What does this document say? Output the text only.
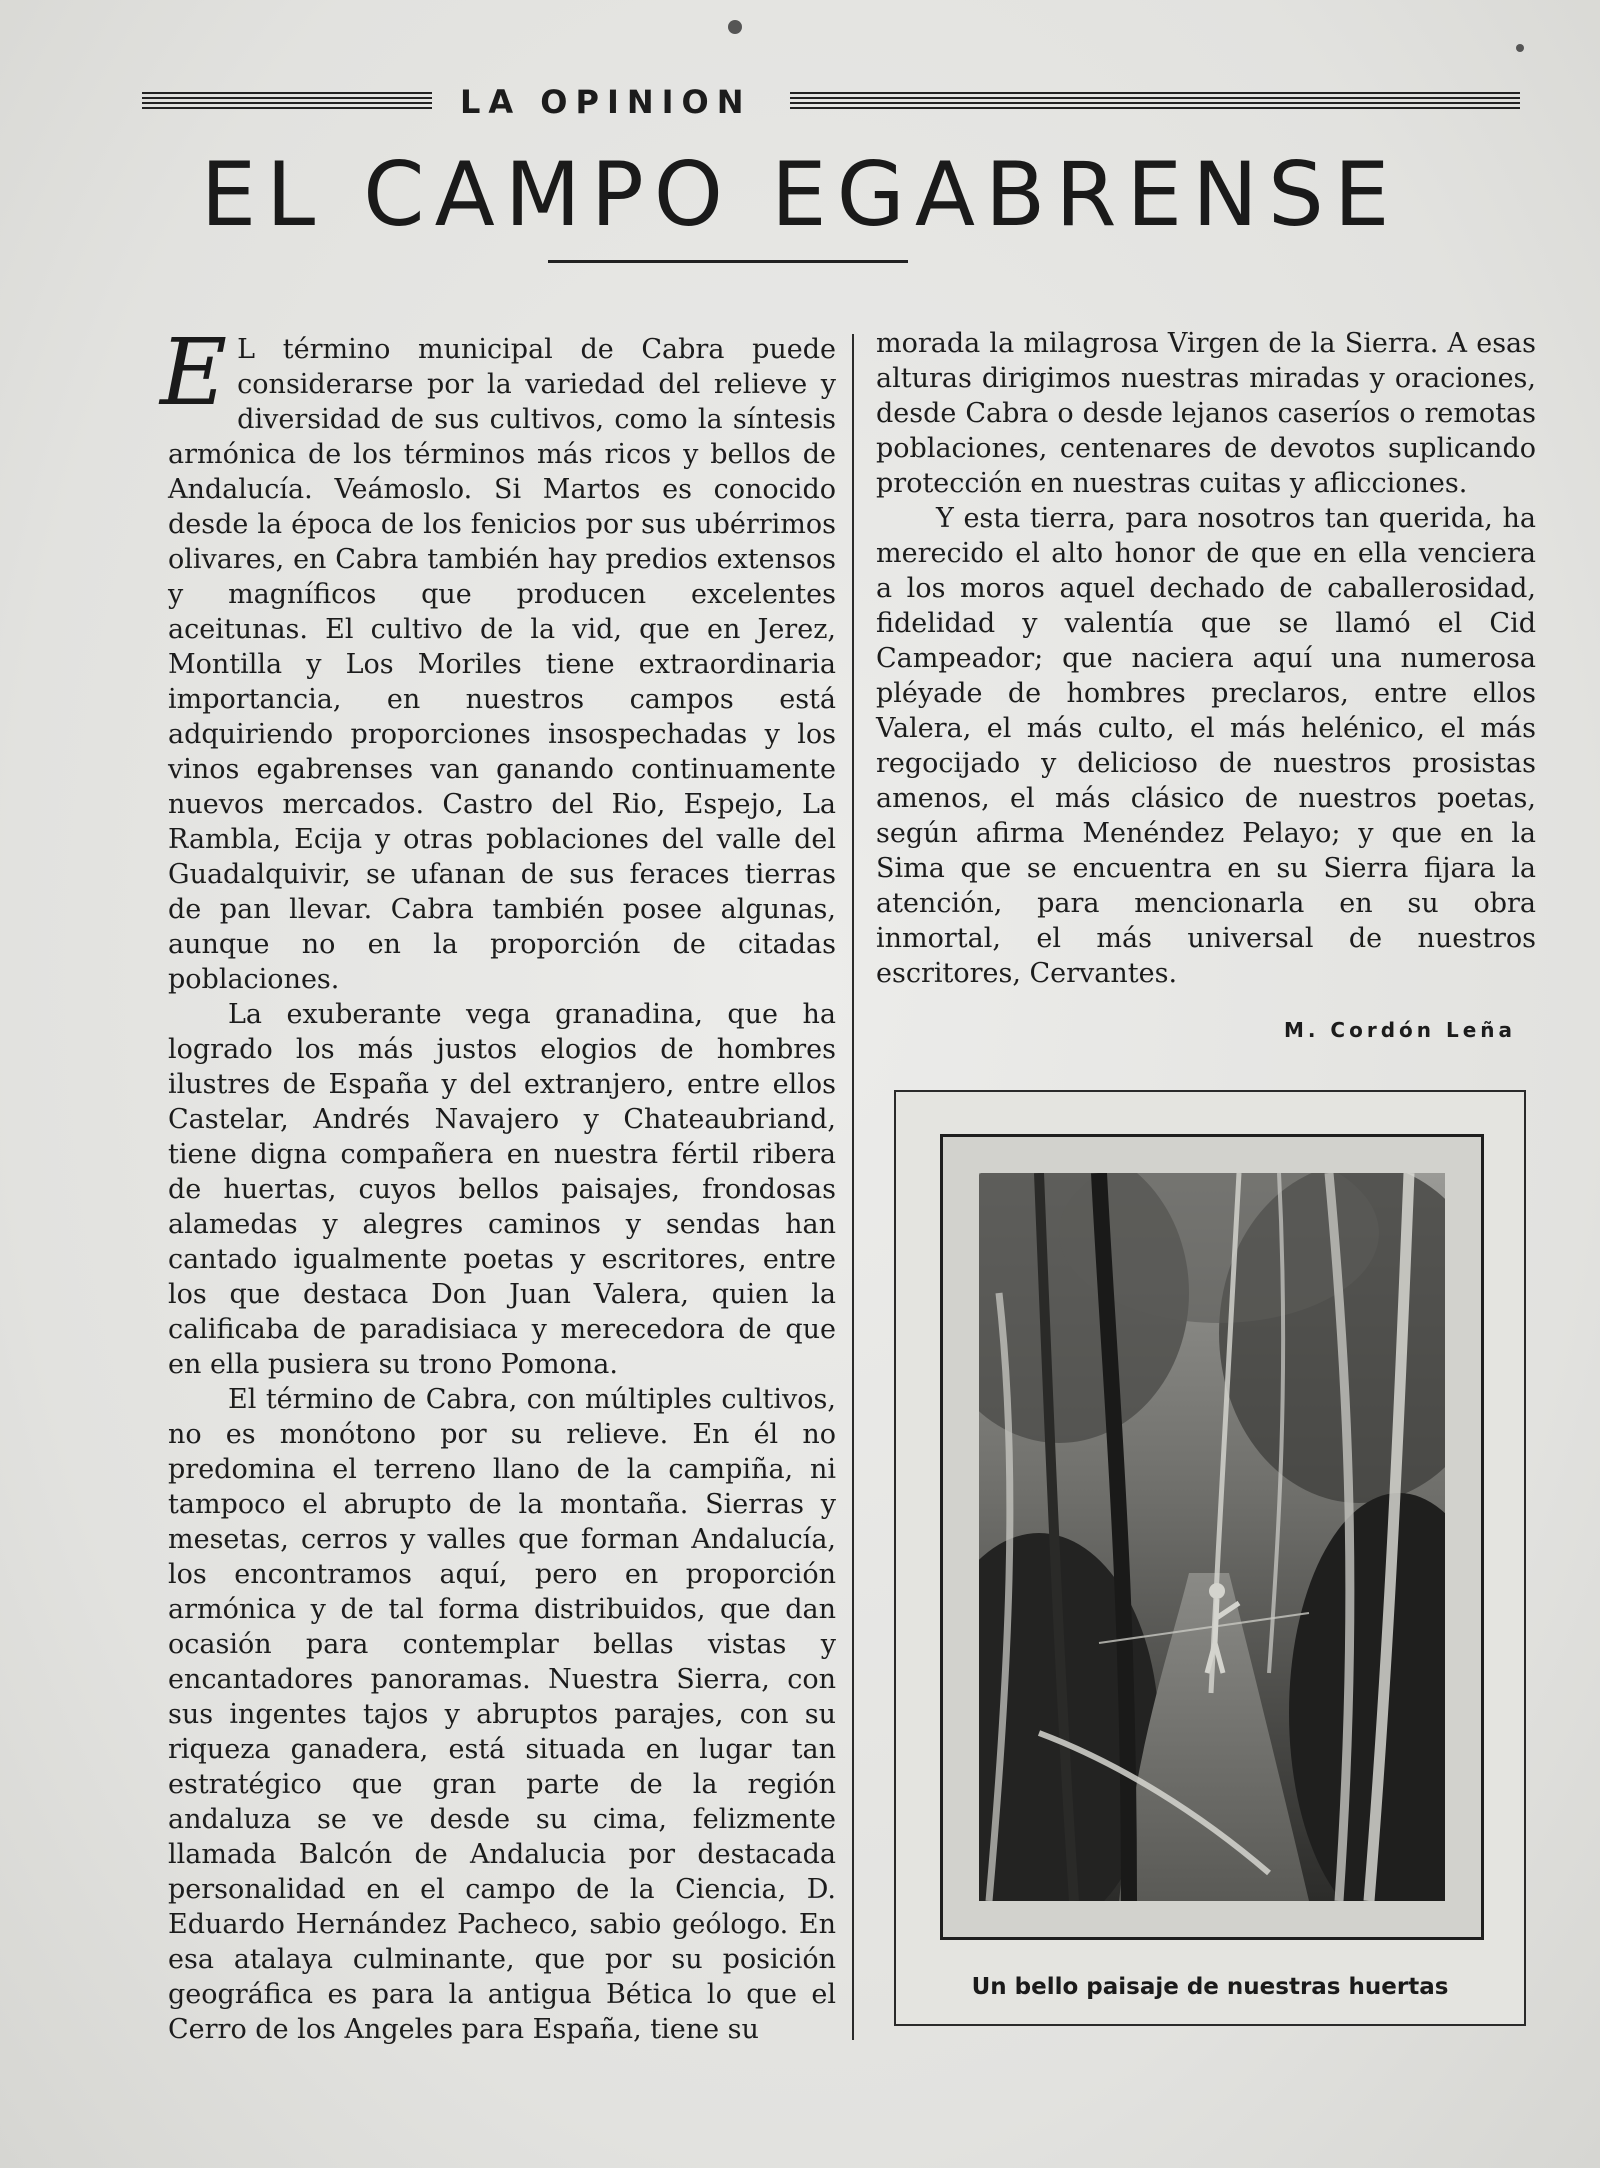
LA OPINION
EL CAMPO EGABRENSE

E L término municipal de Cabra puede considerarse por la variedad del relieve y diversidad de sus cultivos, como la síntesis armónica de los términos más ricos y bellos de Andalucía. Veámoslo. Si Martos es conocido desde la época de los fenicios por sus ubérrimos olivares, en Cabra también hay predios extensos y magníficos que producen excelentes aceitunas. El cultivo de la vid, que en Jerez, Montilla y Los Moriles tiene extraordinaria importancia, en nuestros campos está adquiriendo proporciones insospechadas y los vinos egabrenses van ganando continuamente nuevos mercados. Castro del Rio, Espejo, La Rambla, Ecija y otras poblaciones del valle del Guadalquivir, se ufanan de sus feraces tierras de pan llevar. Cabra también posee algunas, aunque no en la proporción de citadas poblaciones.

La exuberante vega granadina, que ha logrado los más justos elogios de hombres ilustres de España y del extranjero, entre ellos Castelar, Andrés Navajero y Chateaubriand, tiene digna compañera en nuestra fértil ribera de huertas, cuyos bellos paisajes, frondosas alamedas y alegres caminos y sendas han cantado igualmente poetas y escritores, entre los que destaca Don Juan Valera, quien la calificaba de paradisiaca y merecedora de que en ella pusiera su trono Pomona.

El término de Cabra, con múltiples cultivos, no es monótono por su relieve. En él no predomina el terreno llano de la campiña, ni tampoco el abrupto de la montaña. Sierras y mesetas, cerros y valles que forman Andalucía, los encontramos aquí, pero en proporción armónica y de tal forma distribuidos, que dan ocasión para contemplar bellas vistas y encantadores panoramas. Nuestra Sierra, con sus ingentes tajos y abruptos parajes, con su riqueza ganadera, está situada en lugar tan estratégico que gran parte de la región andaluza se ve desde su cima, felizmente llamada Balcón de Andalucia por destacada personalidad en el campo de la Ciencia, D. Eduardo Hernández Pacheco, sabio geólogo. En esa atalaya culminante, que por su posición geográfica es para la antigua Bética lo que el Cerro de los Angeles para España, tiene su

morada la milagrosa Virgen de la Sierra. A esas alturas dirigimos nuestras miradas y oraciones, desde Cabra o desde lejanos caseríos o remotas poblaciones, centenares de devotos suplicando protección en nuestras cuitas y aflicciones.

Y esta tierra, para nosotros tan querida, ha merecido el alto honor de que en ella venciera a los moros aquel dechado de caballerosidad, fidelidad y valentía que se llamó el Cid Campeador; que naciera aquí una numerosa pléyade de hombres preclaros, entre ellos Valera, el más culto, el más helénico, el más regocijado y delicioso de nuestros prosistas amenos, el más clásico de nuestros poetas, según afirma Menéndez Pelayo; y que en la Sima que se encuentra en su Sierra fijara la atención, para mencionarla en su obra inmortal, el más universal de nuestros escritores, Cervantes.

M. Cordón Leña
Un bello paisaje de nuestras huertas
